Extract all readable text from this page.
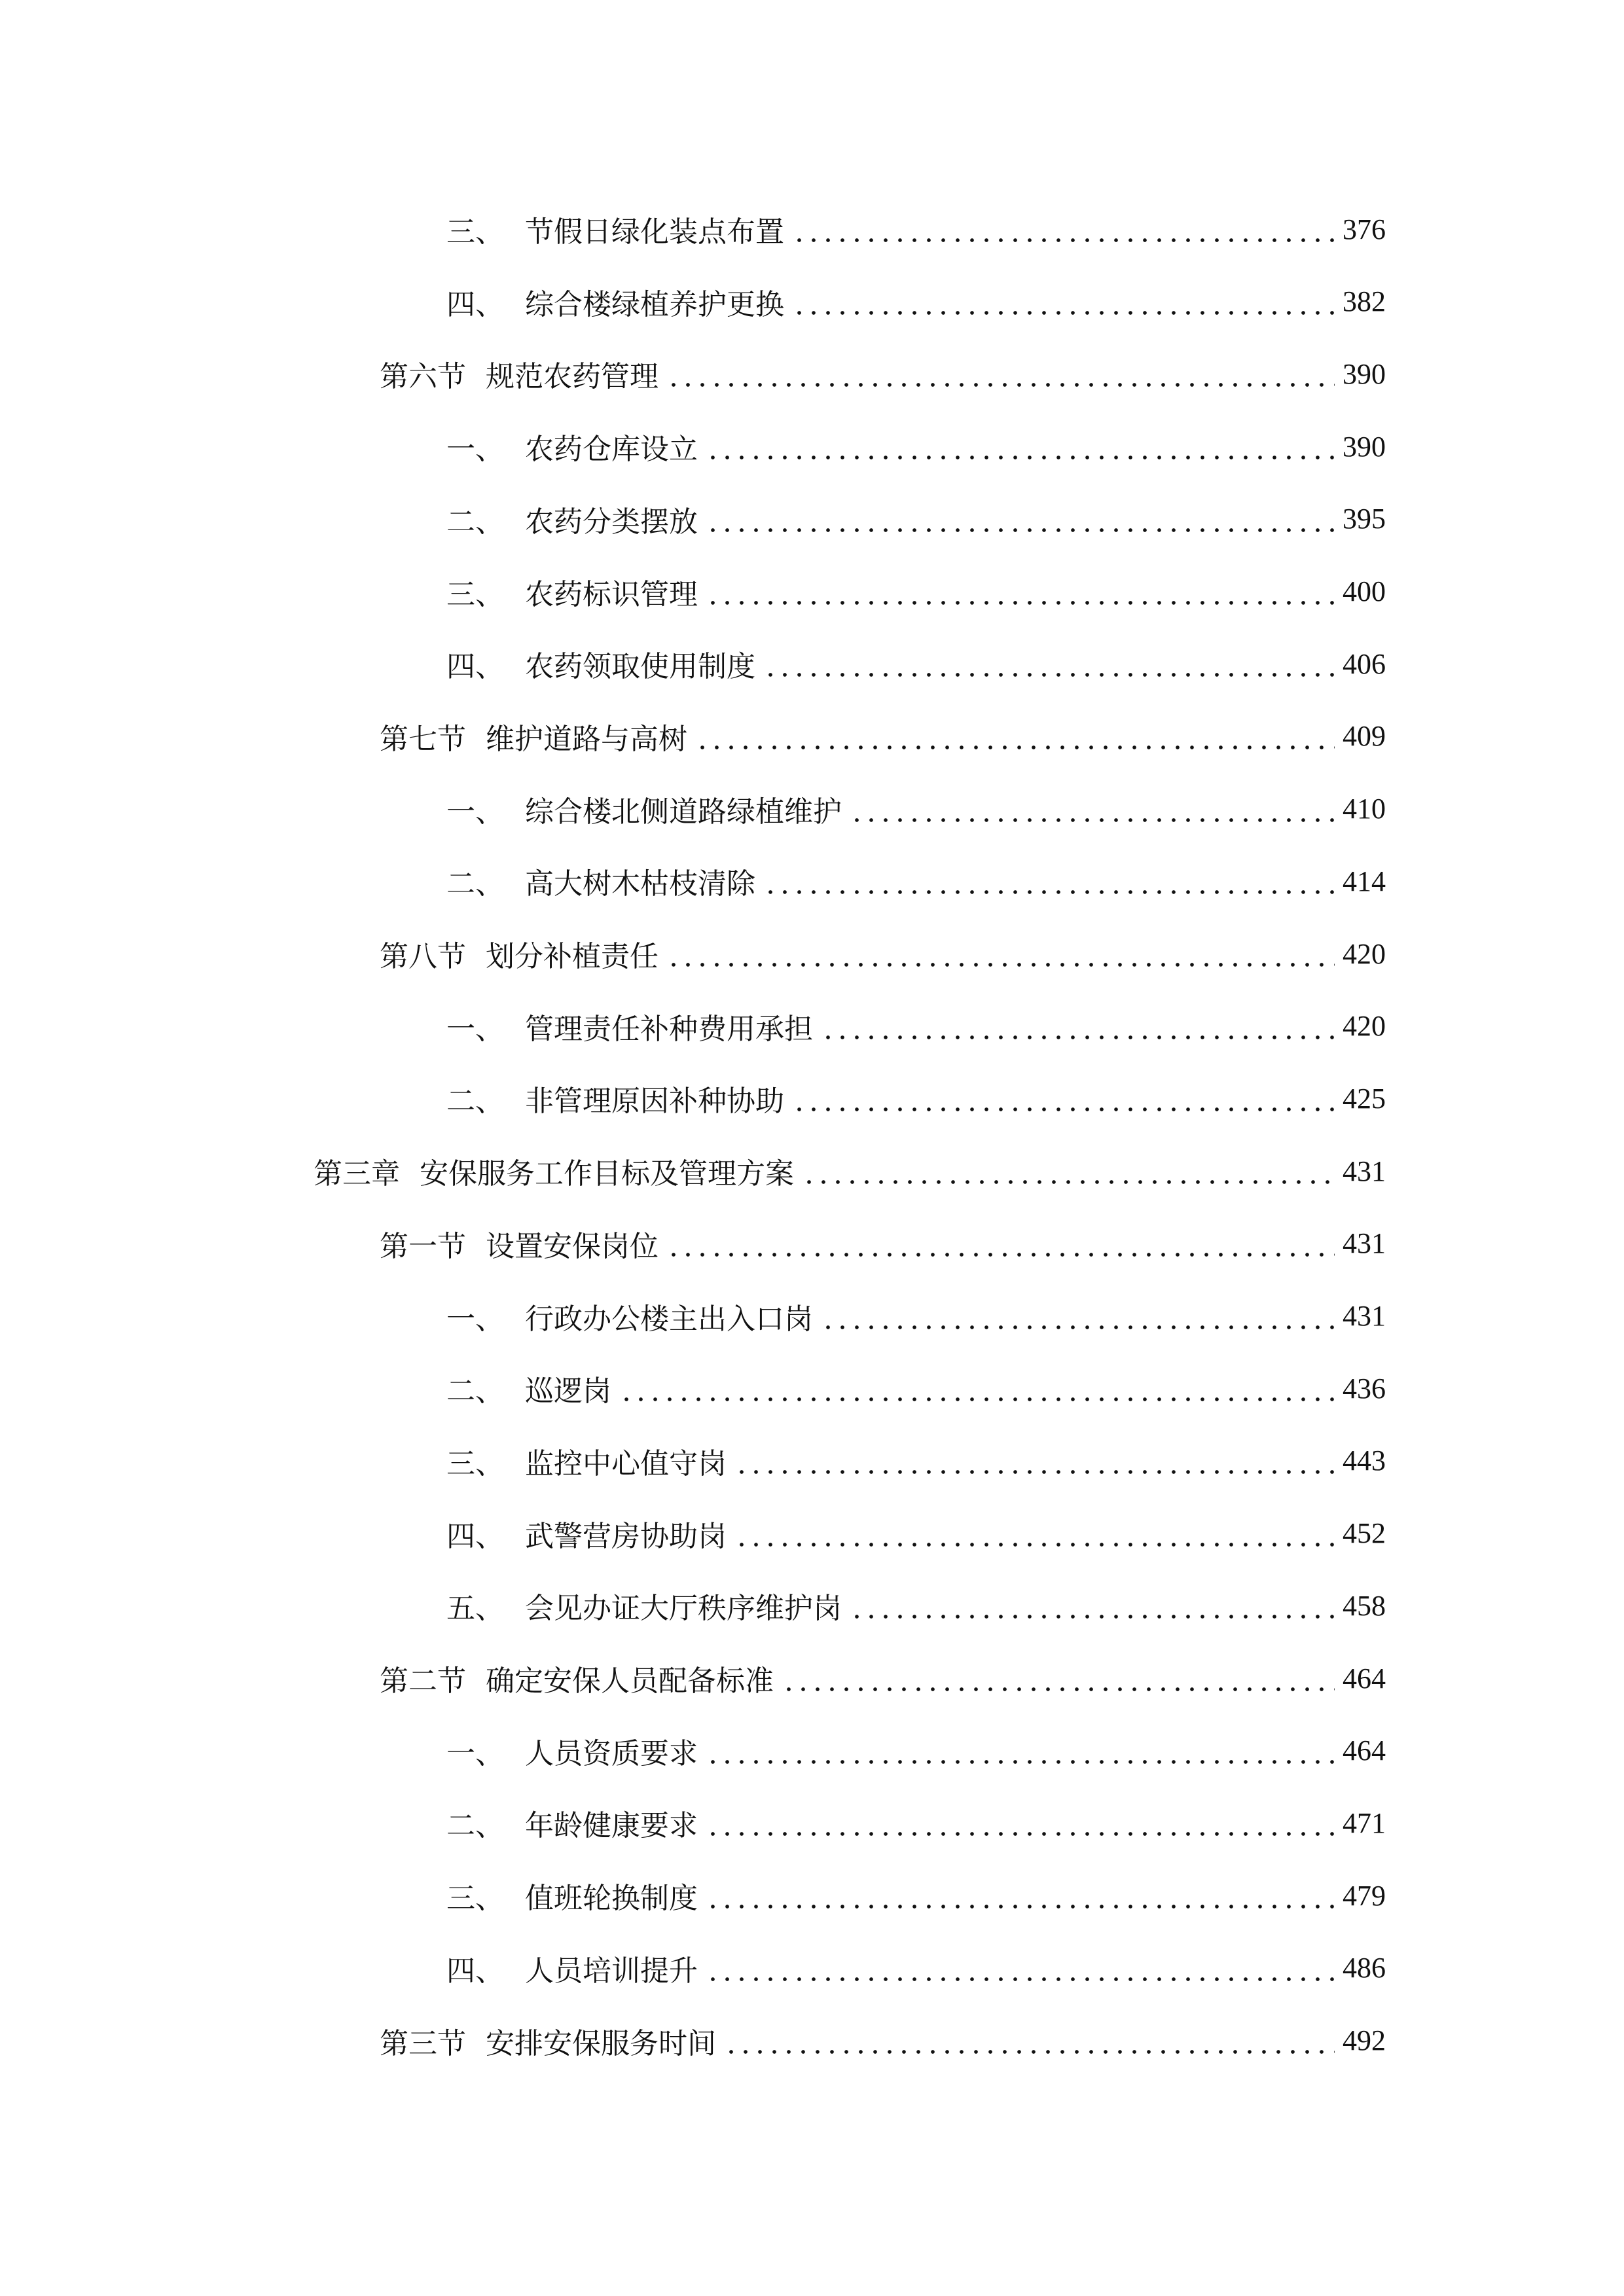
三、 节假日绿化装点布置	376
四、 综合楼绿植养护更换	382
第六节 规范农药管理	390
一、 农药仓库设立	390
二、 农药分类摆放	395
三、 农药标识管理	400
四、 农药领取使用制度	406
第七节 维护道路与高树	409
一、 综合楼北侧道路绿植维护	410
二、 高大树木枯枝清除	414
第八节 划分补植责任	420
一、 管理责任补种费用承担	420
二、 非管理原因补种协助	425
第三章 安保服务工作目标及管理方案	431
第一节 设置安保岗位	431
一、 行政办公楼主出入口岗	431
二、 巡逻岗	436
三、 监控中心值守岗	443
四、 武警营房协助岗	452
五、 会见办证大厅秩序维护岗	458
第二节 确定安保人员配备标准	464
一、 人员资质要求	464
二、 年龄健康要求	471
三、 值班轮换制度	479
四、 人员培训提升	486
第三节 安排安保服务时间	492
